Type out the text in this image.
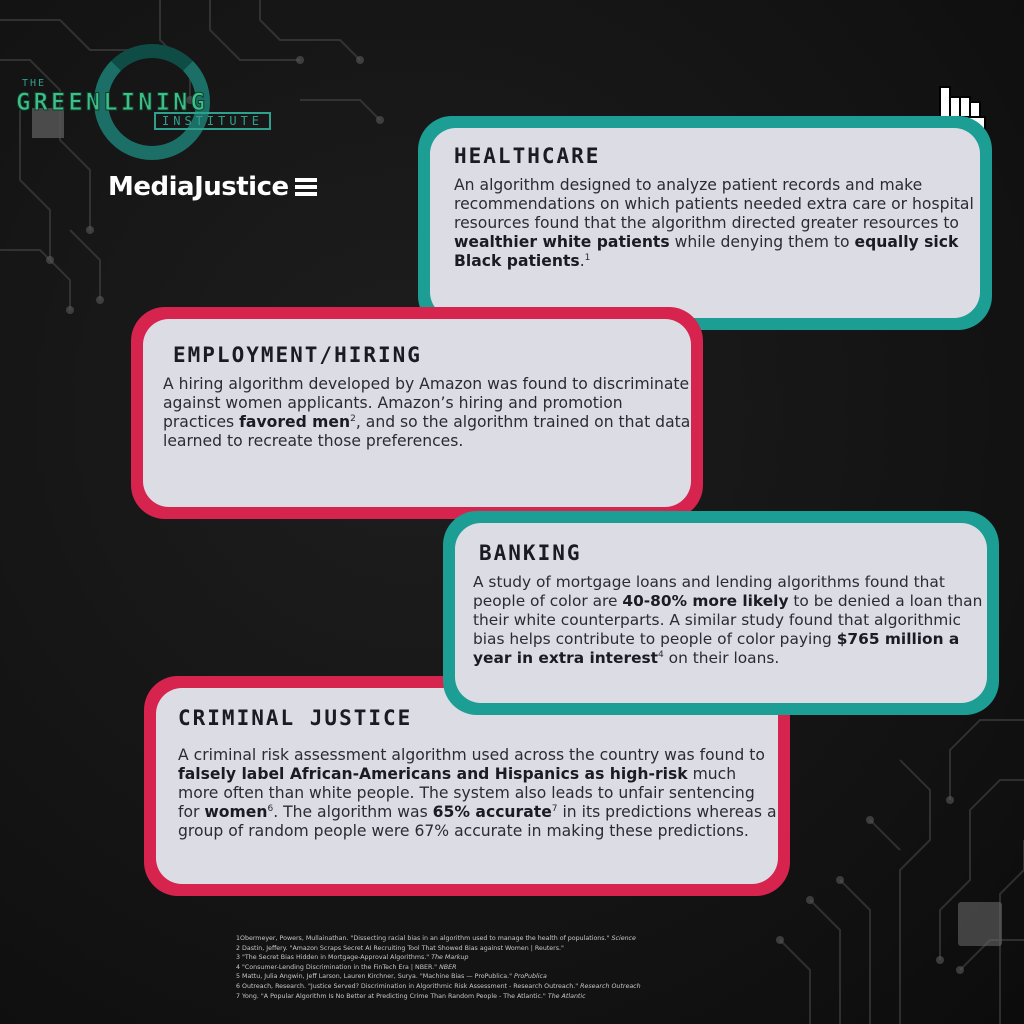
THE
GREENLINING
INSTITUTE
MediaJustice
HEALTHCARE

An algorithm designed to analyze patient records and make recommendations on which patients needed extra care or hospital resources found that the algorithm directed greater resources to wealthier white patients while denying them to equally sick Black patients.$^1$

EMPLOYMENT/HIRING

A hiring algorithm developed by Amazon was found to discriminate against women applicants. Amazon’s hiring and promotion practices favored men$^2$, and so the algorithm trained on that data learned to recreate those preferences.

CRIMINAL JUSTICE

A criminal risk assessment algorithm used across the country was found to falsely label African-Americans and Hispanics as high-risk much more often than white people. The system also leads to unfair sentencing for women$^6$. The algorithm was 65% accurate$^7$ in its predictions whereas a group of random people were 67% accurate in making these predictions.

BANKING

A study of mortgage loans and lending algorithms found that people of color are 40-80% more likely to be denied a loan than their white counterparts. A similar study found that algorithmic bias helps contribute to people of color paying $765 million a year in extra interest$^4$ on their loans.

1Obermeyer, Powers, Mullainathan. "Dissecting racial bias in an algorithm used to manage the health of populations." Science
2 Dastin, Jeffery. "Amazon Scraps Secret AI Recruiting Tool That Showed Bias against Women | Reuters."
3 "The Secret Bias Hidden in Mortgage-Approval Algorithms." The Markup
4 "Consumer-Lending Discrimination in the FinTech Era | NBER." NBER
5 Mattu, Julia Angwin, Jeff Larson, Lauren Kirchner, Surya. "Machine Bias — ProPublica." ProPublica
6 Outreach, Research. "Justice Served? Discrimination in Algorithmic Risk Assessment - Research Outreach." Research Outreach
7 Yong. "A Popular Algorithm Is No Better at Predicting Crime Than Random People - The Atlantic." The Atlantic
